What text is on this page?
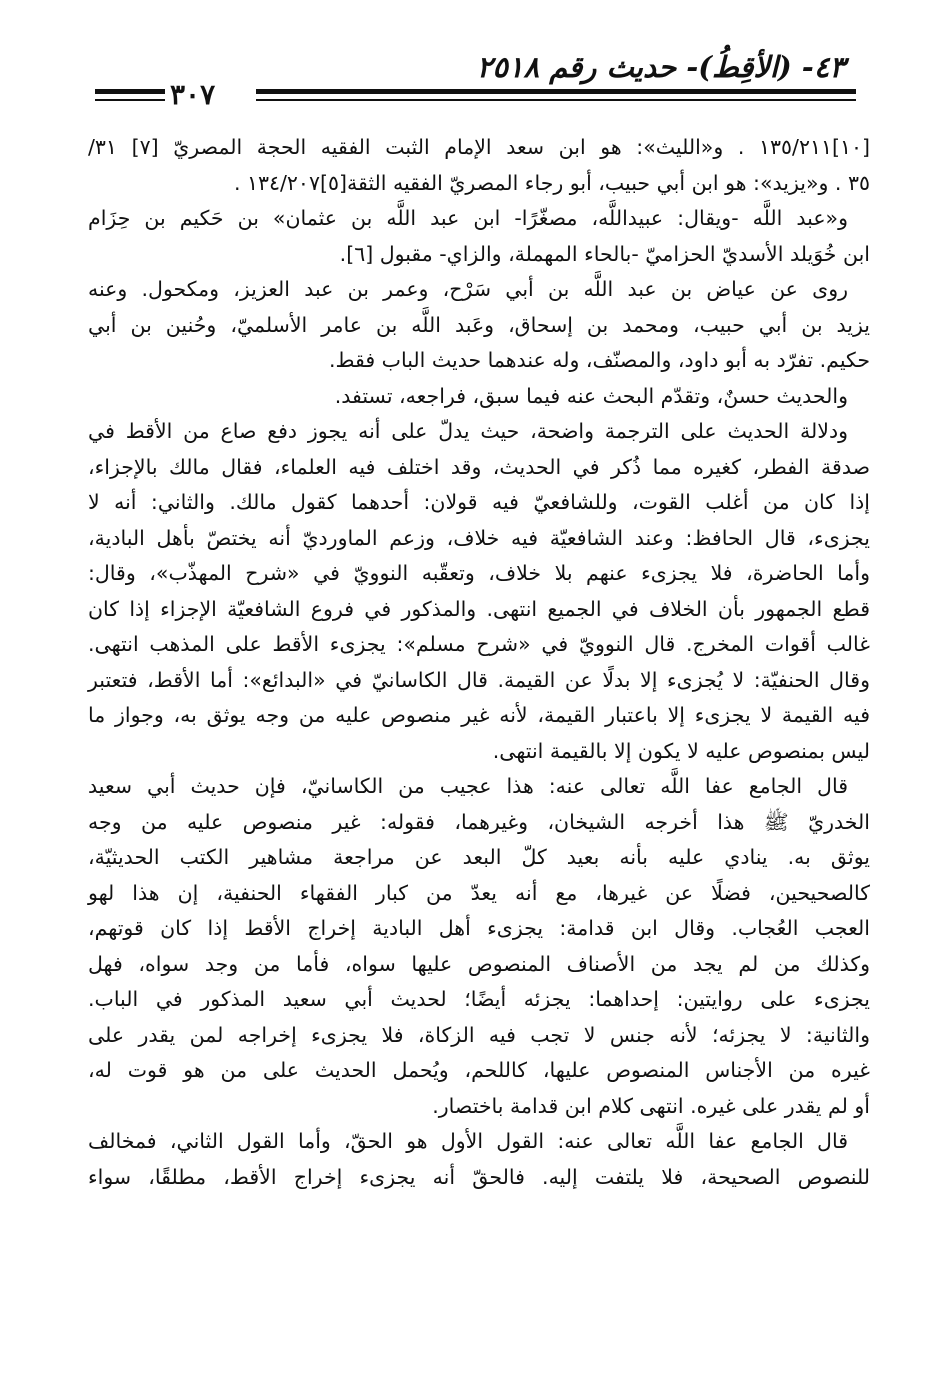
٤٣- (الأقِطُ)- حديث رقم ٢٥١٨
٣٠٧
[١٠]١٣٥/٢١١ . و«الليث»: هو ابن سعد الإمام الثبت الفقيه الحجة المصريّ [٧] ٣١/
٣٥ . و«يزيد»: هو ابن أبي حبيب، أبو رجاء المصريّ الفقيه الثقة[٥]١٣٤/٢٠٧ .
و«عبد اللَّه -ويقال: عبيداللَّه، مصغّرًا- ابن عبد اللَّه بن عثمان» بن حَكيم بن حِزَام
ابن خُوَيلد الأسديّ الحزاميّ -بالحاء المهملة، والزاي- مقبول [٦].
روى عن عياض بن عبد اللَّه بن أبي سَرْح، وعمر بن عبد العزيز، ومكحول. وعنه
يزيد بن أبي حبيب، ومحمد بن إسحاق، وعَبد اللَّه بن عامر الأسلميّ، وحُنين بن أبي
حكيم. تفرّد به أبو داود، والمصنّف، وله عندهما حديث الباب فقط.
والحديث حسنٌ، وتقدّم البحث عنه فيما سبق، فراجعه، تستفد.
ودلالة الحديث على الترجمة واضحة، حيث يدلّ على أنه يجوز دفع صاع من الأقط في
صدقة الفطر، كغيره مما ذُكر في الحديث، وقد اختلف فيه العلماء، فقال مالك بالإجزاء،
إذا كان من أغلب القوت، وللشافعيّ فيه قولان: أحدهما كقول مالك. والثاني: أنه لا
يجزىء، قال الحافظ: وعند الشافعيّة فيه خلاف، وزعم الماورديّ أنه يختصّ بأهل البادية،
وأما الحاضرة، فلا يجزىء عنهم بلا خلاف، وتعقّبه النوويّ في «شرح المهذّب»، وقال:
قطع الجمهور بأن الخلاف في الجميع انتهى. والمذكور في فروع الشافعيّة الإجزاء إذا كان
غالب أقوات المخرج. قال النوويّ في «شرح مسلم»: يجزىء الأقط على المذهب انتهى.
وقال الحنفيّة: لا يُجزىء إلا بدلًا عن القيمة. قال الكاسانيّ في «البدائع»: أما الأقط، فتعتبر
فيه القيمة لا يجزىء إلا باعتبار القيمة، لأنه غير منصوص عليه من وجه يوثق به، وجواز ما
ليس بمنصوص عليه لا يكون إلا بالقيمة انتهى.
قال الجامع عفا اللَّه تعالى عنه: هذا عجيب من الكاسانيّ، فإن حديث أبي سعيد
الخدريّ ﷺ هذا أخرجه الشيخان، وغيرهما، فقوله: غير منصوص عليه من وجه
يوثق به. ينادي عليه بأنه بعيد كلّ البعد عن مراجعة مشاهير الكتب الحديثيّة،
كالصحيحين، فضلًا عن غيرها، مع أنه يعدّ من كبار الفقهاء الحنفية، إن هذا لهو
العجب العُجاب. وقال ابن قدامة: يجزىء أهل البادية إخراج الأقط إذا كان قوتهم،
وكذلك من لم يجد من الأصناف المنصوص عليها سواه، فأما من وجد سواه، فهل
يجزىء على روايتين: إحداهما: يجزئه أيضًا؛ لحديث أبي سعيد المذكور في الباب.
والثانية: لا يجزئه؛ لأنه جنس لا تجب فيه الزكاة، فلا يجزىء إخراجه لمن يقدر على
غيره من الأجناس المنصوص عليها، كاللحم، ويُحمل الحديث على من هو قوت له،
أو لم يقدر على غيره. انتهى كلام ابن قدامة باختصار.
قال الجامع عفا اللَّه تعالى عنه: القول الأول هو الحقّ، وأما القول الثاني، فمخالف
للنصوص الصحيحة، فلا يلتفت إليه. فالحقّ أنه يجزىء إخراج الأقط، مطلقًا، سواء
